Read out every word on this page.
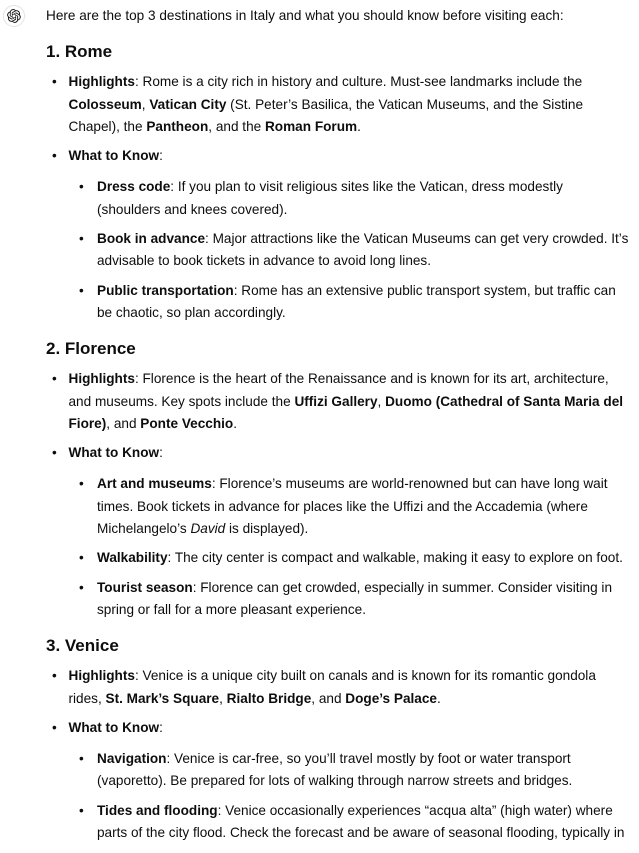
Here are the top 3 destinations in Italy and what you should know before visiting each:

1. Rome
• Highlights: Rome is a city rich in history and culture. Must-see landmarks include the
Colosseum, Vatican City (St. Peter’s Basilica, the Vatican Museums, and the Sistine
Chapel), the Pantheon, and the Roman Forum.
• What to Know:
• Dress code: If you plan to visit religious sites like the Vatican, dress modestly
(shoulders and knees covered).
• Book in advance: Major attractions like the Vatican Museums can get very crowded. It’s
advisable to book tickets in advance to avoid long lines.
• Public transportation: Rome has an extensive public transport system, but traffic can
be chaotic, so plan accordingly.
2. Florence
• Highlights: Florence is the heart of the Renaissance and is known for its art, architecture,
and museums. Key spots include the Uffizi Gallery, Duomo (Cathedral of Santa Maria del
Fiore), and Ponte Vecchio.
• What to Know:
• Art and museums: Florence’s museums are world-renowned but can have long wait
times. Book tickets in advance for places like the Uffizi and the Accademia (where
Michelangelo’s David is displayed).
• Walkability: The city center is compact and walkable, making it easy to explore on foot.
• Tourist season: Florence can get crowded, especially in summer. Consider visiting in
spring or fall for a more pleasant experience.
3. Venice
• Highlights: Venice is a unique city built on canals and is known for its romantic gondola
rides, St. Mark’s Square, Rialto Bridge, and Doge’s Palace.
• What to Know:
• Navigation: Venice is car-free, so you’ll travel mostly by foot or water transport
(vaporetto). Be prepared for lots of walking through narrow streets and bridges.
• Tides and flooding: Venice occasionally experiences “acqua alta” (high water) where
parts of the city flood. Check the forecast and be aware of seasonal flooding, typically in
